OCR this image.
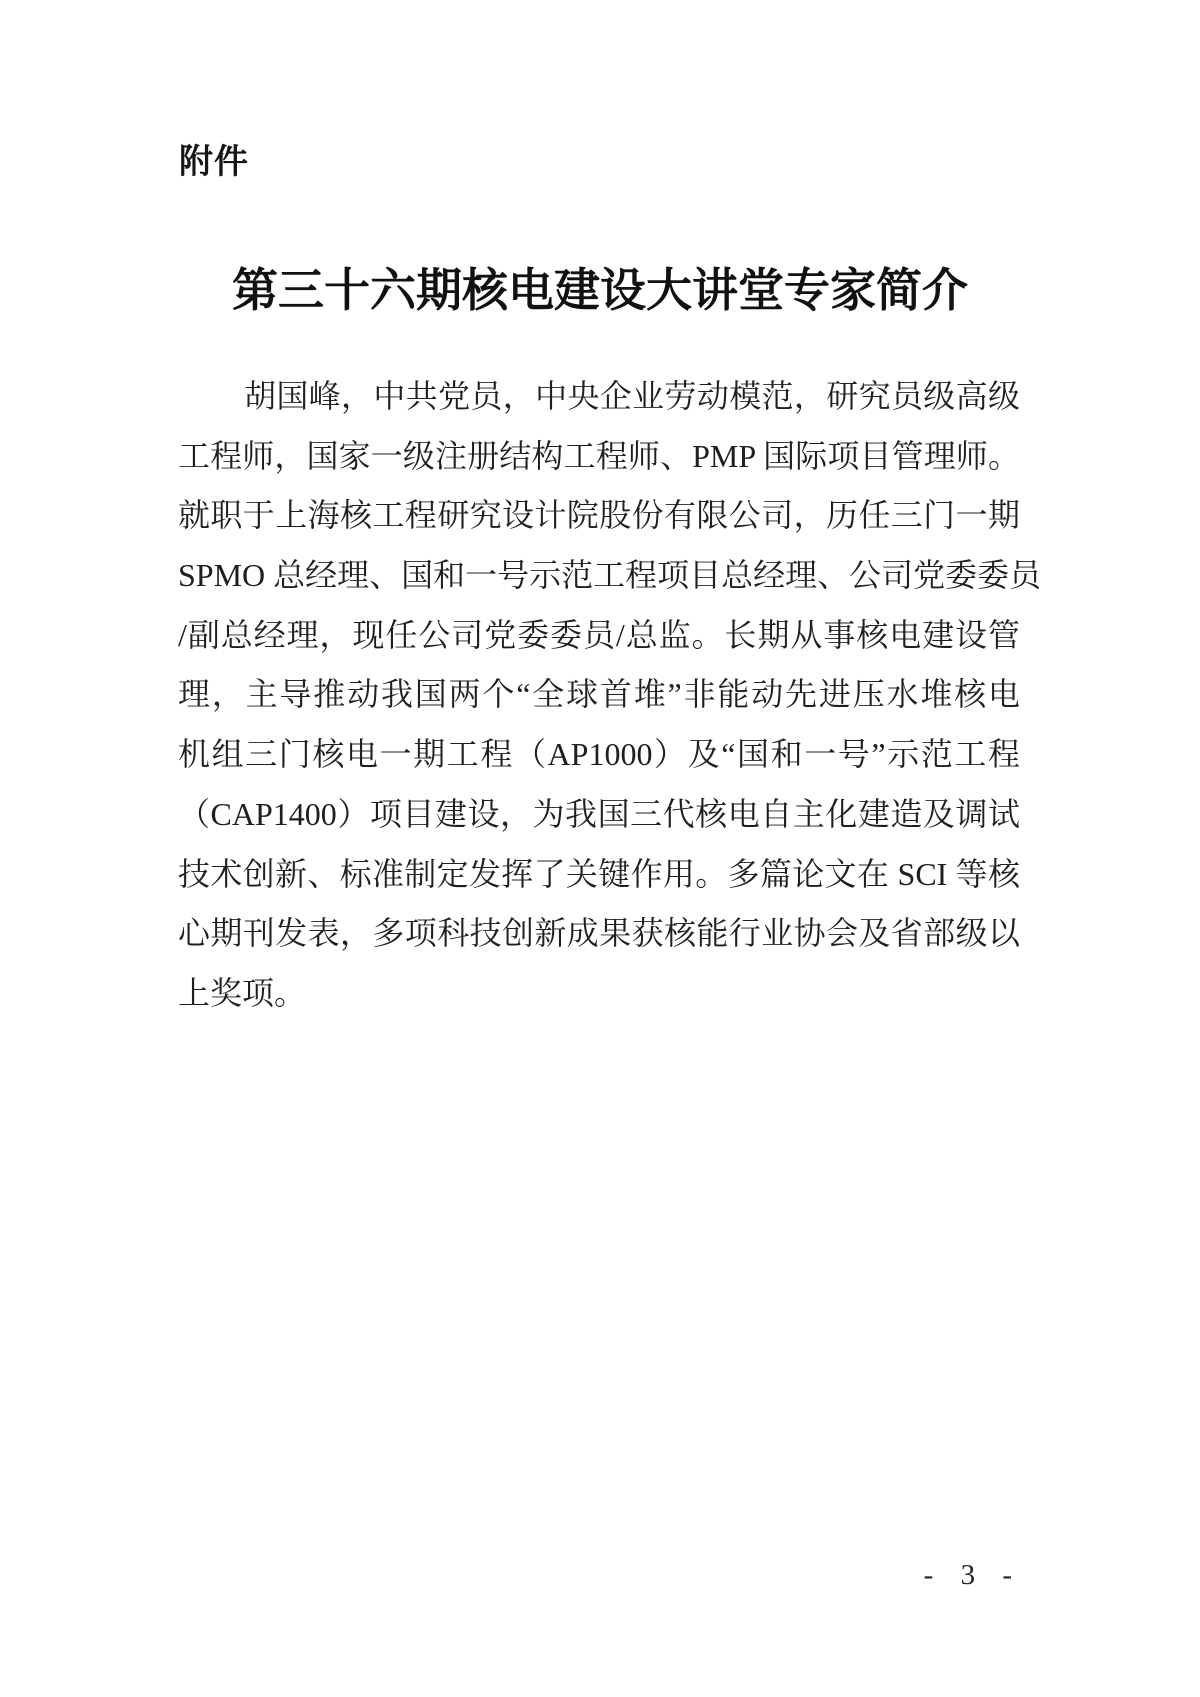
附件
第三十六期核电建设大讲堂专家简介
胡国峰，中共党员，中央企业劳动模范，研究员级高级
工程师，国家一级注册结构工程师、PMP 国际项目管理师。
就职于上海核工程研究设计院股份有限公司，历任三门一期
SPMO 总经理、国和一号示范工程项目总经理、公司党委委员
/副总经理，现任公司党委委员/总监。长期从事核电建设管
理，主导推动我国两个“全球首堆”非能动先进压水堆核电
机组三门核电一期工程（AP1000）及“国和一号”示范工程
（CAP1400）项目建设，为我国三代核电自主化建造及调试
技术创新、标准制定发挥了关键作用。多篇论文在 SCI 等核
心期刊发表，多项科技创新成果获核能行业协会及省部级以
上奖项。
- 3 -
